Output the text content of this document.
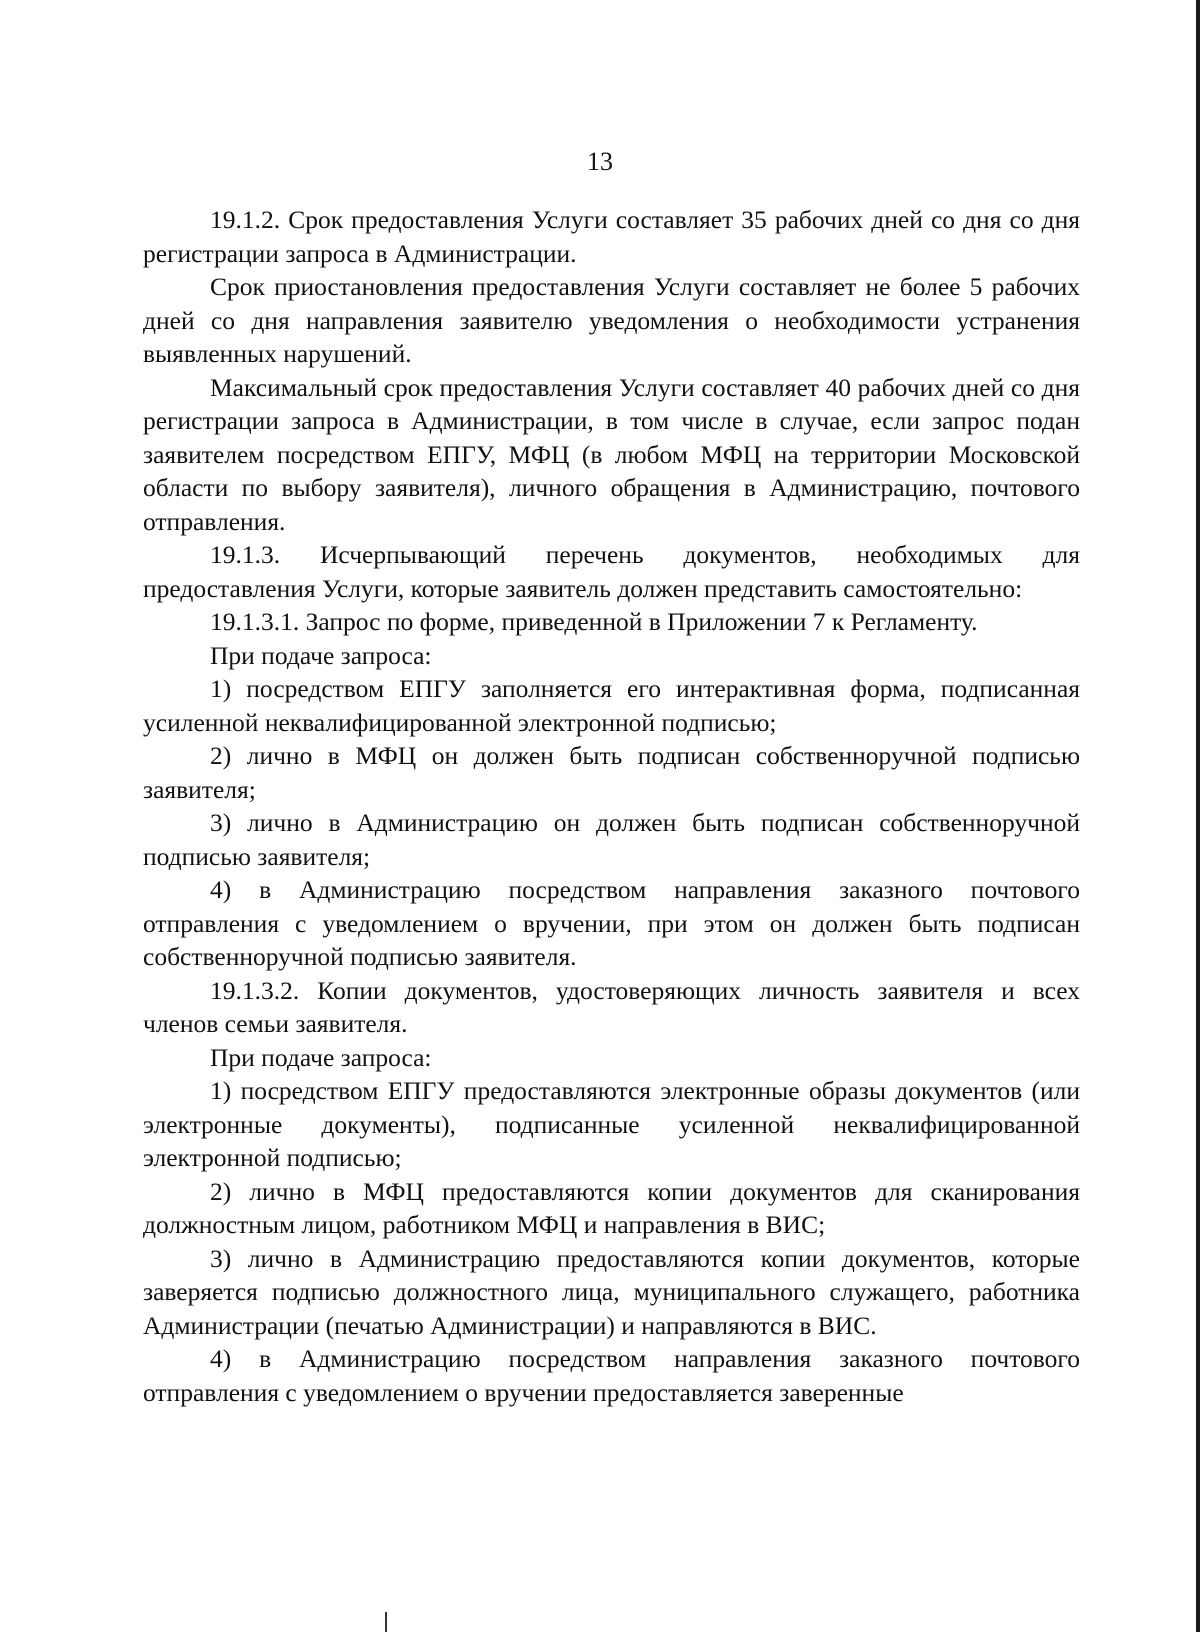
13

19.1.2. Срок предоставления Услуги составляет 35 рабочих дней со дня со дня регистрации запроса в Администрации.

Срок приостановления предоставления Услуги составляет не более 5 рабочих дней со дня направления заявителю уведомления о необходимости устранения выявленных нарушений.

Максимальный срок предоставления Услуги составляет 40 рабочих дней со дня регистрации запроса в Администрации, в том числе в случае, если запрос подан заявителем посредством ЕПГУ, МФЦ (в любом МФЦ на территории Московской области по выбору заявителя), личного обращения в Администрацию, почтового отправления.

19.1.3. Исчерпывающий перечень документов, необходимых для предоставления Услуги, которые заявитель должен представить самостоятельно:

19.1.3.1. Запрос по форме, приведенной в Приложении 7 к Регламенту.

При подаче запроса:

1) посредством ЕПГУ заполняется его интерактивная форма, подписанная усиленной неквалифицированной электронной подписью;

2) лично в МФЦ он должен быть подписан собственноручной подписью заявителя;

3) лично в Администрацию он должен быть подписан собственноручной подписью заявителя;

4) в Администрацию посредством направления заказного почтового отправления с уведомлением о вручении, при этом он должен быть подписан собственноручной подписью заявителя.

19.1.3.2. Копии документов, удостоверяющих личность заявителя и всех членов семьи заявителя.

При подаче запроса:

1) посредством ЕПГУ предоставляются электронные образы документов (или электронные документы), подписанные усиленной неквалифицированной электронной подписью;

2) лично в МФЦ предоставляются копии документов для сканирования должностным лицом, работником МФЦ и направления в ВИС;

3) лично в Администрацию предоставляются копии документов, которые заверяется подписью должностного лица, муниципального служащего, работника Администрации (печатью Администрации) и направляются в ВИС.

4) в Администрацию посредством направления заказного почтового отправления с уведомлением о вручении предоставляется заверенные
